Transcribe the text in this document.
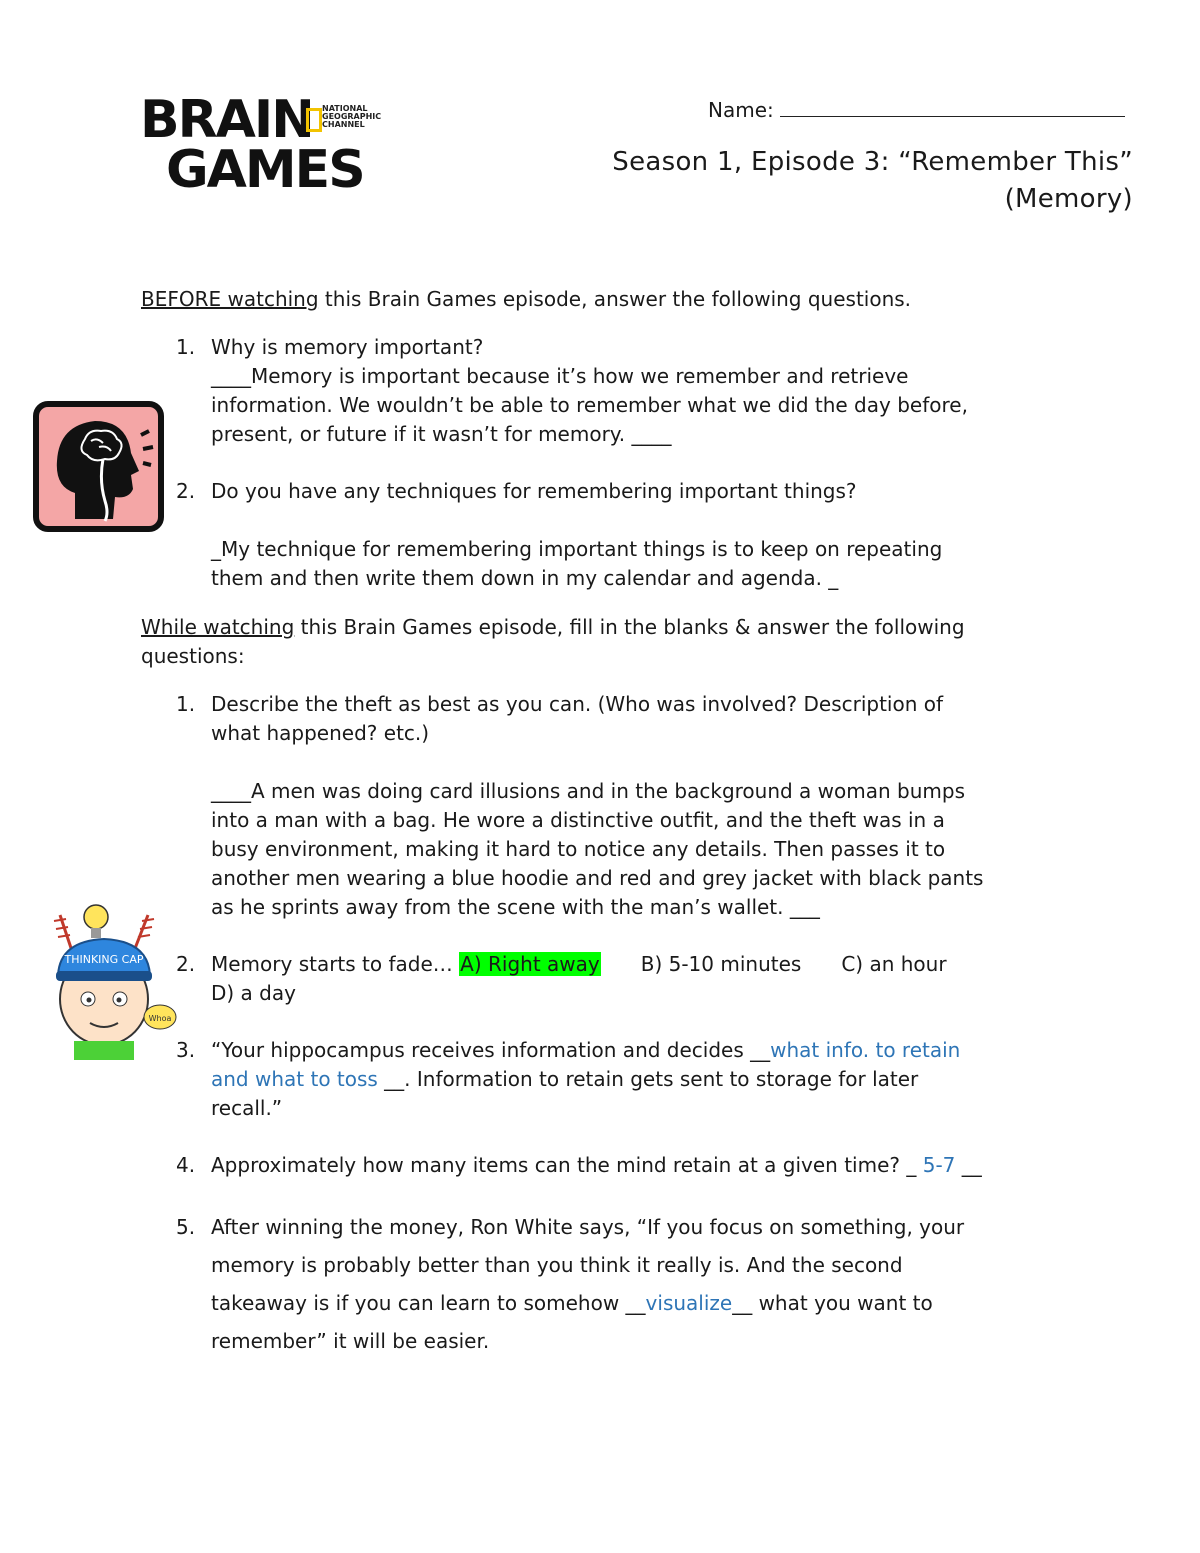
BRAIN
GAMES
NATIONAL
GEOGRAPHIC
CHANNEL
Name:
Season 1, Episode 3: “Remember This”
(Memory)
BEFORE watching this Brain Games episode, answer the following questions.
1. Why is memory important?
____Memory is important because it’s how we remember and retrieve
information. We wouldn’t be able to remember what we did the day before,
present, or future if it wasn’t for memory. ____
2. Do you have any techniques for remembering important things?
_My technique for remembering important things is to keep on repeating
them and then write them down in my calendar and agenda. _
While watching this Brain Games episode, fill in the blanks & answer the following
questions:
1. Describe the theft as best as you can. (Who was involved? Description of
what happened? etc.)
____A men was doing card illusions and in the background a woman bumps
into a man with a bag. He wore a distinctive outfit, and the theft was in a
busy environment, making it hard to notice any details. Then passes it to
another men wearing a blue hoodie and red and grey jacket with black pants
as he sprints away from the scene with the man’s wallet. ___
2. Memory starts to fade… A) Right away B) 5-10 minutes C) an hour
D) a day
3. “Your hippocampus receives information and decides __what info. to retain
and what to toss __. Information to retain gets sent to storage for later
recall.”
4. Approximately how many items can the mind retain at a given time? _ 5-7 __
5. After winning the money, Ron White says, “If you focus on something, your
memory is probably better than you think it really is. And the second
takeaway is if you can learn to somehow __visualize__ what you want to
remember” it will be easier.
THINKING CAP
Whoa
